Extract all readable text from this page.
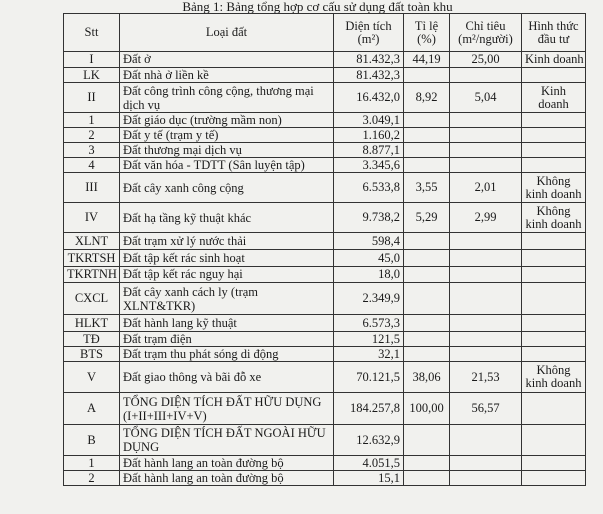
Bảng 1: Bảng tổng hợp cơ cấu sử dụng đất toàn khu
Stt	Loại đất	Diện tích (m²)	Tỉ lệ (%)	Chỉ tiêu (m²/người)	Hình thức đầu tư
I	Đất ở	81.432,3	44,19	25,00	Kinh doanh
LK	Đất nhà ở liền kề	81.432,3			
II	Đất công trình công cộng, thương mại dịch vụ	16.432,0	8,92	5,04	Kinh doanh
1	Đất giáo dục (trường mầm non)	3.049,1			
2	Đất y tế (trạm y tế)	1.160,2			
3	Đất thương mại dịch vụ	8.877,1			
4	Đất văn hóa - TDTT (Sân luyện tập)	3.345,6			
III	Đất cây xanh công cộng	6.533,8	3,55	2,01	Không kinh doanh
IV	Đất hạ tầng kỹ thuật khác	9.738,2	5,29	2,99	Không kinh doanh
XLNT	Đất trạm xử lý nước thải	598,4			
TKRTSH	Đất tập kết rác sinh hoạt	45,0			
TKRTNH	Đất tập kết rác nguy hại	18,0			
CXCL	Đất cây xanh cách ly (trạm XLNT&TKR)	2.349,9			
HLKT	Đất hành lang kỹ thuật	6.573,3			
TĐ	Đất trạm điện	121,5			
BTS	Đất trạm thu phát sóng di động	32,1			
V	Đất giao thông và bãi đỗ xe	70.121,5	38,06	21,53	Không kinh doanh
A	TỔNG DIỆN TÍCH ĐẤT HỮU DỤNG (I+II+III+IV+V)	184.257,8	100,00	56,57	
B	TỔNG DIỆN TÍCH ĐẤT NGOÀI HỮU DỤNG	12.632,9			
1	Đất hành lang an toàn đường bộ	4.051,5			
2	Đất hành lang an toàn đường bộ	15,1			
